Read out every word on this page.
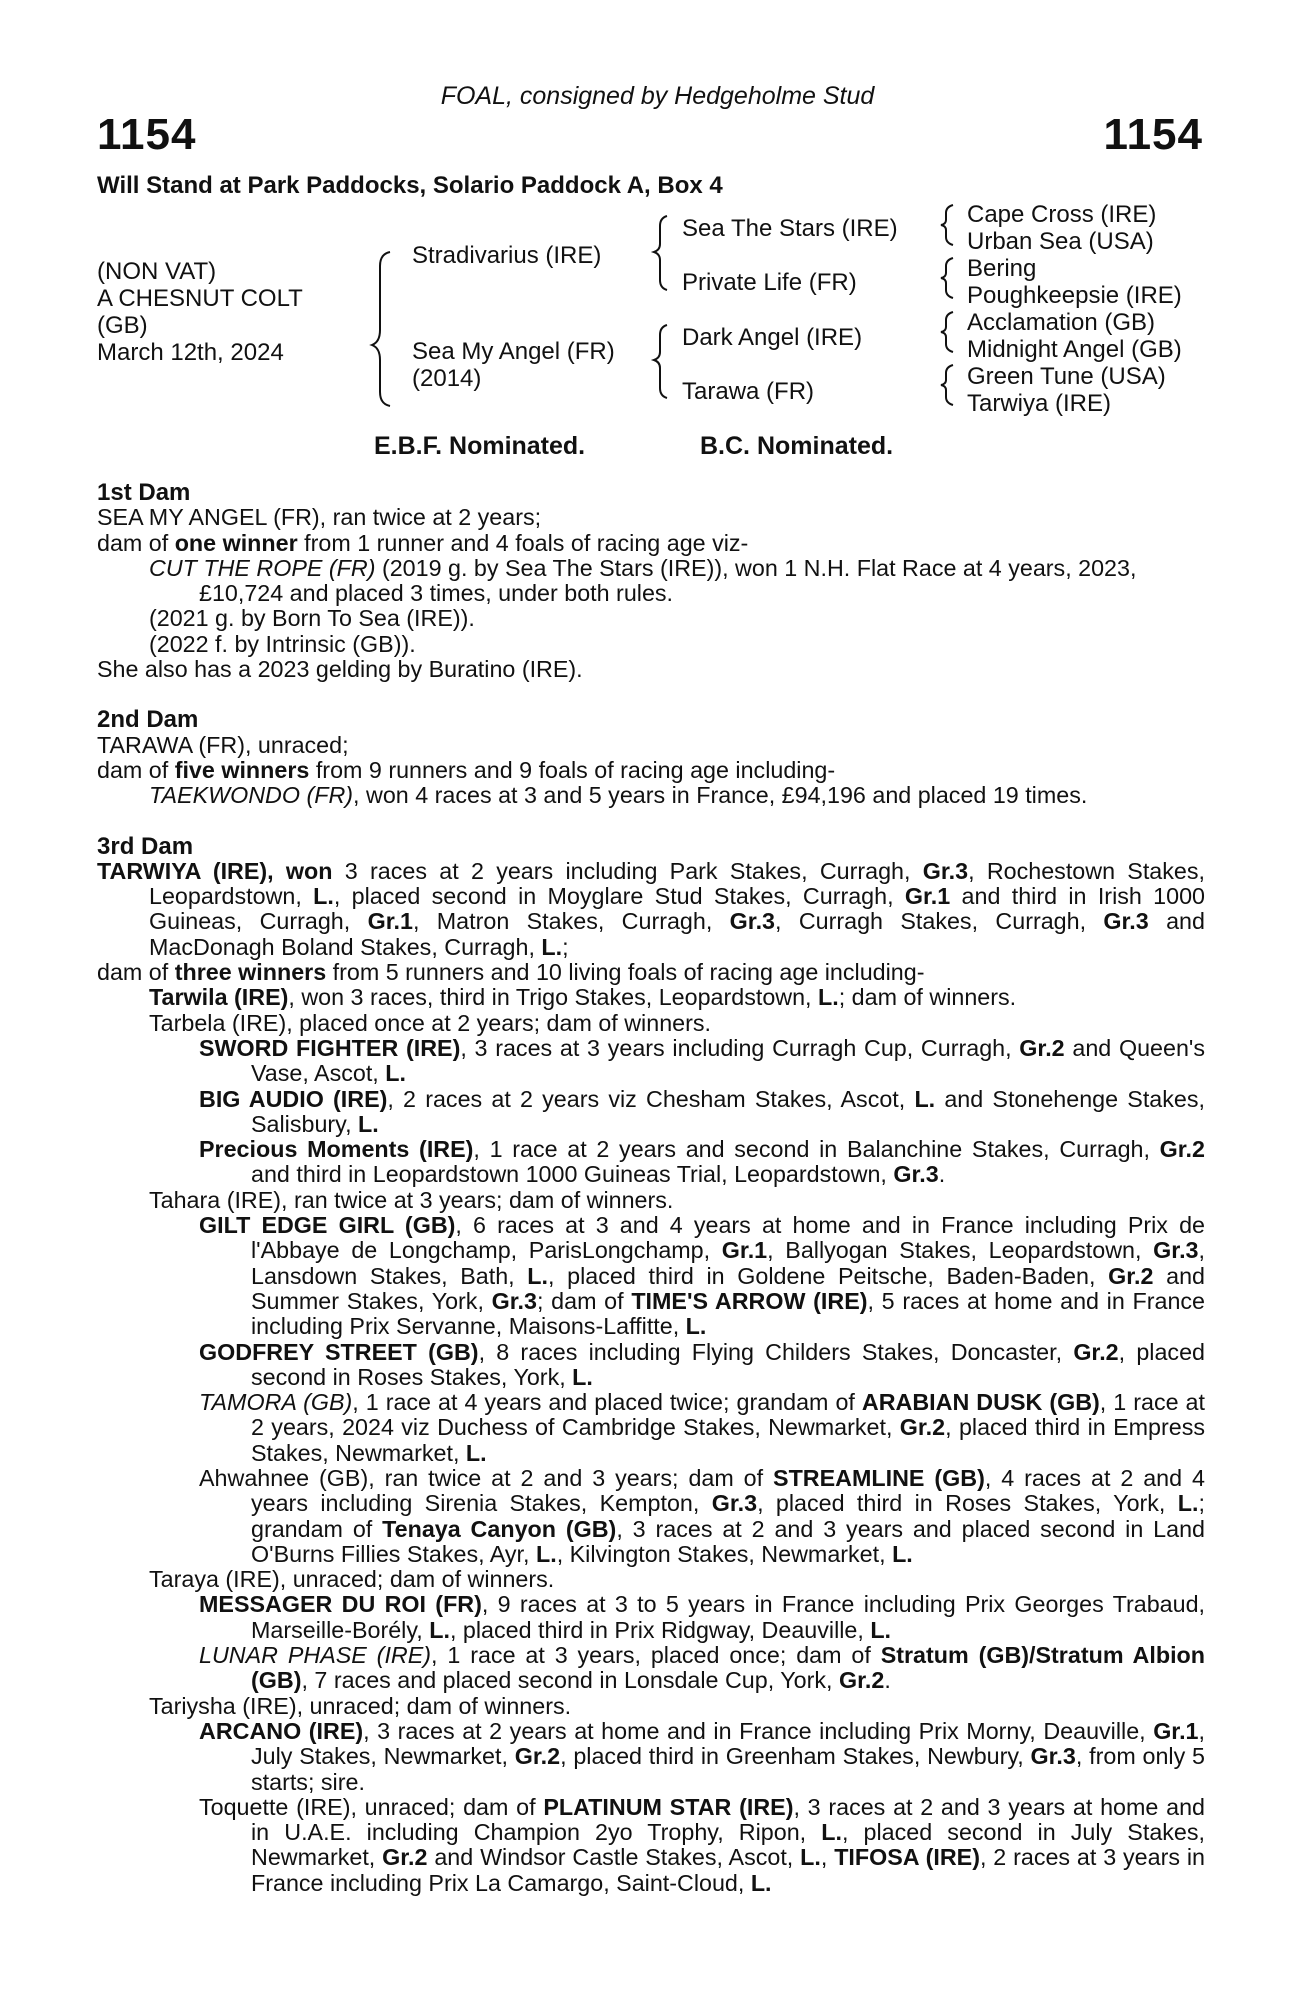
FOAL, consigned by Hedgeholme Stud
1154	1154
Will Stand at Park Paddocks, Solario Paddock A, Box 4
(NON VAT)
A CHESNUT COLT
(GB)
March 12th, 2024
Stradivarius (IRE)
Sea My Angel (FR)
(2014)
Sea The Stars (IRE)
Private Life (FR)
Dark Angel (IRE)
Tarawa (FR)
Cape Cross (IRE)
Urban Sea (USA)
Bering
Poughkeepsie (IRE)
Acclamation (GB)
Midnight Angel (GB)
Green Tune (USA)
Tarwiya (IRE)
E.B.F. Nominated.	B.C. Nominated.

1st Dam

SEA MY ANGEL (FR), ran twice at 2 years;

dam of one winner from 1 runner and 4 foals of racing age viz-

CUT THE ROPE (FR) (2019 g. by Sea The Stars (IRE)), won 1 N.H. Flat Race at 4 years, 2023, £10,724 and placed 3 times, under both rules.

(2021 g. by Born To Sea (IRE)).

(2022 f. by Intrinsic (GB)).

She also has a 2023 gelding by Buratino (IRE).

2nd Dam

TARAWA (FR), unraced;

dam of five winners from 9 runners and 9 foals of racing age including-

TAEKWONDO (FR), won 4 races at 3 and 5 years in France, £94,196 and placed 19 times.

3rd Dam

TARWIYA (IRE), won 3 races at 2 years including Park Stakes, Curragh, Gr.3, Rochestown Stakes, Leopardstown, L., placed second in Moyglare Stud Stakes, Curragh, Gr.1 and third in Irish 1000 Guineas, Curragh, Gr.1, Matron Stakes, Curragh, Gr.3, Curragh Stakes, Curragh, Gr.3 and MacDonagh Boland Stakes, Curragh, L.;

dam of three winners from 5 runners and 10 living foals of racing age including-

Tarwila (IRE), won 3 races, third in Trigo Stakes, Leopardstown, L.; dam of winners.

Tarbela (IRE), placed once at 2 years; dam of winners.

SWORD FIGHTER (IRE), 3 races at 3 years including Curragh Cup, Curragh, Gr.2 and Queen's Vase, Ascot, L.

BIG AUDIO (IRE), 2 races at 2 years viz Chesham Stakes, Ascot, L. and Stonehenge Stakes, Salisbury, L.

Precious Moments (IRE), 1 race at 2 years and second in Balanchine Stakes, Curragh, Gr.2 and third in Leopardstown 1000 Guineas Trial, Leopardstown, Gr.3.

Tahara (IRE), ran twice at 3 years; dam of winners.

GILT EDGE GIRL (GB), 6 races at 3 and 4 years at home and in France including Prix de l'Abbaye de Longchamp, ParisLongchamp, Gr.1, Ballyogan Stakes, Leopardstown, Gr.3, Lansdown Stakes, Bath, L., placed third in Goldene Peitsche, Baden-Baden, Gr.2 and Summer Stakes, York, Gr.3; dam of TIME'S ARROW (IRE), 5 races at home and in France including Prix Servanne, Maisons-Laffitte, L.

GODFREY STREET (GB), 8 races including Flying Childers Stakes, Doncaster, Gr.2, placed second in Roses Stakes, York, L.

TAMORA (GB), 1 race at 4 years and placed twice; grandam of ARABIAN DUSK (GB), 1 race at 2 years, 2024 viz Duchess of Cambridge Stakes, Newmarket, Gr.2, placed third in Empress Stakes, Newmarket, L.

Ahwahnee (GB), ran twice at 2 and 3 years; dam of STREAMLINE (GB), 4 races at 2 and 4 years including Sirenia Stakes, Kempton, Gr.3, placed third in Roses Stakes, York, L.; grandam of Tenaya Canyon (GB), 3 races at 2 and 3 years and placed second in Land O'Burns Fillies Stakes, Ayr, L., Kilvington Stakes, Newmarket, L.

Taraya (IRE), unraced; dam of winners.

MESSAGER DU ROI (FR), 9 races at 3 to 5 years in France including Prix Georges Trabaud, Marseille-Borély, L., placed third in Prix Ridgway, Deauville, L.

LUNAR PHASE (IRE), 1 race at 3 years, placed once; dam of Stratum (GB)/Stratum Albion (GB), 7 races and placed second in Lonsdale Cup, York, Gr.2.

Tariysha (IRE), unraced; dam of winners.

ARCANO (IRE), 3 races at 2 years at home and in France including Prix Morny, Deauville, Gr.1, July Stakes, Newmarket, Gr.2, placed third in Greenham Stakes, Newbury, Gr.3, from only 5 starts; sire.

Toquette (IRE), unraced; dam of PLATINUM STAR (IRE), 3 races at 2 and 3 years at home and in U.A.E. including Champion 2yo Trophy, Ripon, L., placed second in July Stakes, Newmarket, Gr.2 and Windsor Castle Stakes, Ascot, L., TIFOSA (IRE), 2 races at 3 years in France including Prix La Camargo, Saint-Cloud, L.
